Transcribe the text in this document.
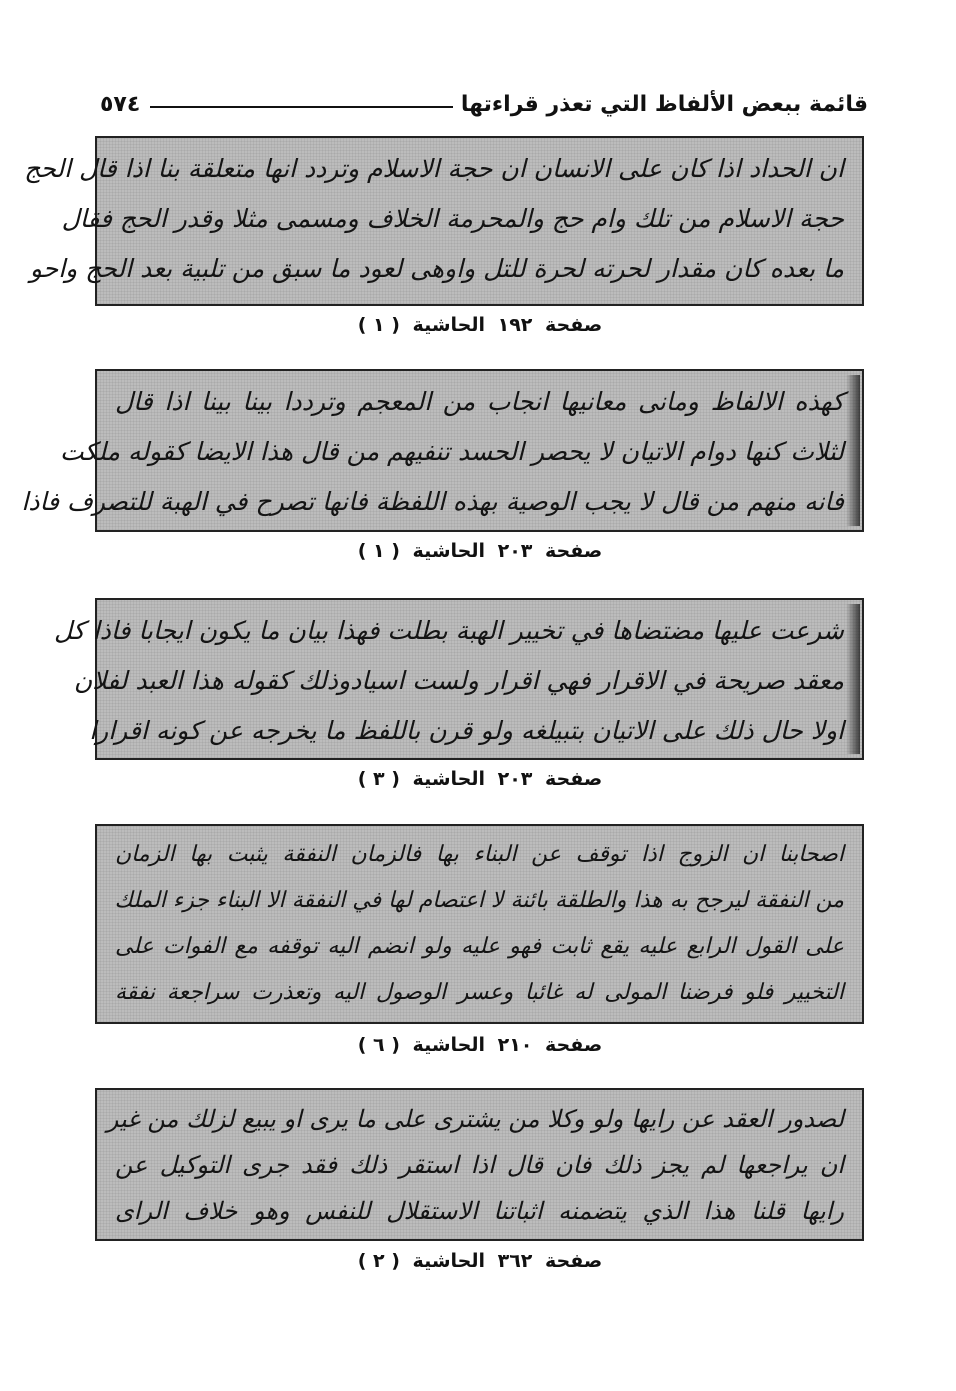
قائمة ببعض الألفاظ التي تعذر قراءتها
٥٧٤
ان الحداد اذا كان على الانسان ان حجة الاسلام وتردد انها متعلقة بنا اذا قال الحج
حجة الاسلام من تلك وام حج والمحرمة الخلاف ومسمى مثلا وقدر الحج فقال
ما بعده كان مقدار لحرته لحرة للتل واوهى لعود ما سبق من تلبية بعد الحج واحو
صفحة ١٩٢ الحاشية ( ١ )
كهذه الالفاظ ومانى معانيها انجاب من المعجم وترددا بينا بينا اذا قال
لثلاث كنها دوام الاتيان لا يحصر الحسد تنفيهم من قال هذا الايضا كقوله ملكت
فانه منهم من قال لا يجب الوصية بهذه اللفظة فانها تصرح في الهبة للتصرف فاذا
صفحة ٢٠٣ الحاشية ( ١ )
شرعت عليها مضتضاها في تخيير الهبة بطلت فهذا بيان ما يكون ايجابا فاذا كل
معقد صريحة في الاقرار فهي اقرار ولست اسيادوذلك كقوله هذا العبد لفلان
اولا حال ذلك على الاتيان بتبيلغه ولو قرن باللفظ ما يخرجه عن كونه اقرارا
صفحة ٢٠٣ الحاشية ( ٣ )
اصحابنا ان الزوج اذا توقف عن البناء بها فالزمان النفقة يثبت بها الزمان
من النفقة ليرجح به هذا والطلقة بائنة لا اعتصام لها في النفقة الا البناء جزء الملك
على القول الرابع عليه يقع ثابت فهو عليه ولو انضم اليه توقفه مع الفوات على
التخيير فلو فرضنا المولى له غائبا وعسر الوصول اليه وتعذرت سراجعة نفقة
صفحة ٢١٠ الحاشية ( ٦ )
لصدور العقد عن رايها ولو وكلا من يشترى على ما يرى او يبيع لزلك من غير
ان يراجعها لم يجز ذلك فان قال اذا استقر ذلك فقد جرى التوكيل عن
رايها قلنا هذا الذي يتضمنه اثباتنا الاستقلال للنفس وهو خلاف الراى
صفحة ٣٦٢ الحاشية ( ٢ )
